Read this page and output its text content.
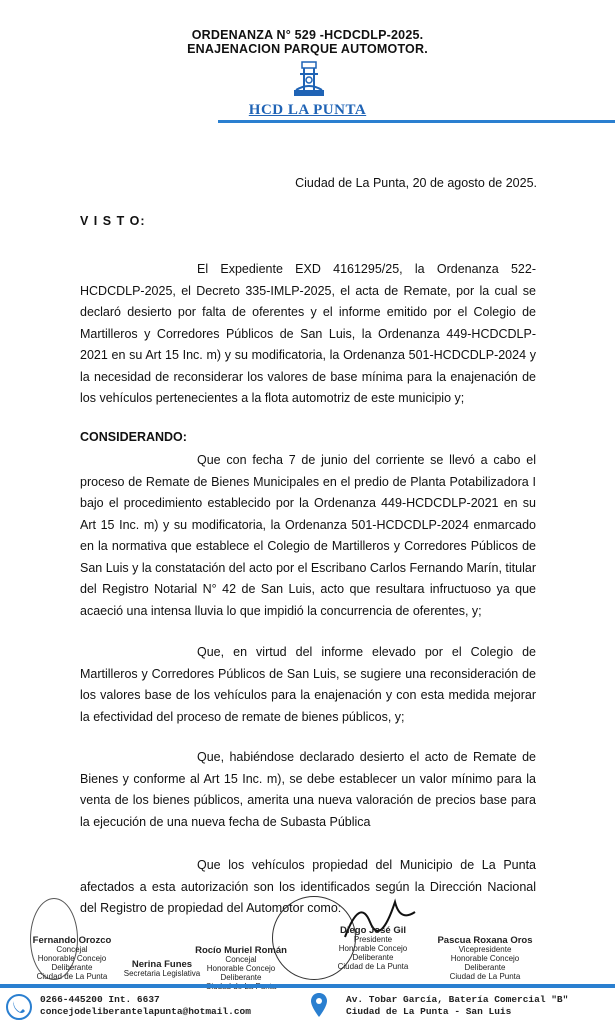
ORDENANZA N° 529 -HCDCDLP-2025.
ENAJENACION PARQUE AUTOMOTOR.
HCD LA PUNTA
Ciudad de La Punta, 20 de agosto de 2025.
V I S T O:

El Expediente EXD 4161295/25, la Ordenanza 522-HCDCDLP-2025, el Decreto 335-IMLP-2025, el acta de Remate, por la cual se declaró desierto por falta de oferentes y el informe emitido por el Colegio de Martilleros y Corredores Públicos de San Luis, la Ordenanza 449-HCDCDLP-2021 en su Art 15 Inc. m) y su modificatoria, la Ordenanza 501-HCDCDLP-2024 y la necesidad de reconsiderar los valores de base mínima para la enajenación de los vehículos pertenecientes a la flota automotriz de este municipio y;

CONSIDERANDO:

Que con fecha 7 de junio del corriente se llevó a cabo el proceso de Remate de Bienes Municipales en el predio de Planta Potabilizadora I bajo el procedimiento establecido por la Ordenanza 449-HCDCDLP-2021 en su Art 15 Inc. m) y su modificatoria, la Ordenanza 501-HCDCDLP-2024 enmarcado en la normativa que establece el Colegio de Martilleros y Corredores Públicos de San Luis y la constatación del acto por el Escribano Carlos Fernando Marín, titular del Registro Notarial N° 42 de San Luis, acto que resultara infructuoso ya que acaeció una intensa lluvia lo que impidió la concurrencia de oferentes, y;

Que, en virtud del informe elevado por el Colegio de Martilleros y Corredores Públicos de San Luis, se sugiere una reconsideración de los valores base de los vehículos para la enajenación y con esta medida mejorar la efectividad del proceso de remate de bienes públicos, y;

Que, habiéndose declarado desierto el acto de Remate de Bienes y conforme al Art 15 Inc. m), se debe establecer un valor mínimo para la venta de los bienes públicos, amerita una nueva valoración de precios base para la ejecución de una nueva fecha de Subasta Pública

Que los vehículos propiedad del Municipio de La Punta afectados a esta autorización son los identificados según la Dirección Nacional del Registro de propiedad del Automotor como:

Fernando Orozco
Concejal
Honorable Concejo Deliberante
Ciudad de La Punta
Rocío Muriel Román
Concejal
Honorable Concejo Deliberante
Diego José Gil
Presidente
Honorable Concejo Deliberante
Ciudad de La Punta
Pascua Roxana Oros
Vicepresidente
Honorable Concejo Deliberante
Ciudad de La Punta
Nerina Funes
Secretaria Legislativa
0266-445200 Int. 6637
concejodeliberantelapunta@hotmail.com
Av. Tobar García, Batería Comercial "B"
Ciudad de La Punta - San Luis
